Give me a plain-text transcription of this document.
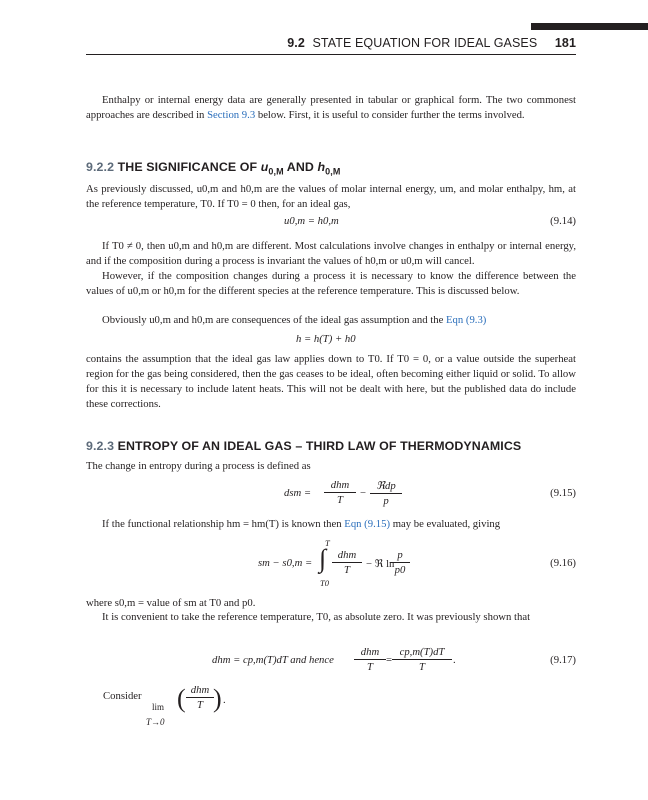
9.2 STATE EQUATION FOR IDEAL GASES 181
Enthalpy or internal energy data are generally presented in tabular or graphical form. The two commonest approaches are described in Section 9.3 below. First, it is useful to consider further the terms involved.
9.2.2 THE SIGNIFICANCE OF $u_{0,M}$ AND $h_{0,M}$
As previously discussed, u0,m and h0,m are the values of molar internal energy, um, and molar enthalpy, hm, at the reference temperature, T0. If T0 = 0 then, for an ideal gas,
u0,m = h0,m	(9.14)
If T0 ≠ 0, then u0,m and h0,m are different. Most calculations involve changes in enthalpy or internal energy, and if the composition during a process is invariant the values of h0,m or u0,m will cancel.
However, if the composition changes during a process it is necessary to know the difference between the values of u0,m or h0,m for the different species at the reference temperature. This is discussed below.
Obviously u0,m and h0,m are consequences of the ideal gas assumption and the Eqn (9.3)
h = h(T) + h0
contains the assumption that the ideal gas law applies down to T0. If T0 = 0, or a value outside the superheat region for the gas being considered, then the gas ceases to be ideal, often becoming either liquid or solid. To allow for this it is necessary to include latent heats. This will not be dealt with here, but the published data do include these corrections.
9.2.3 ENTROPY OF AN IDEAL GAS – THIRD LAW OF THERMODYNAMICS
The change in entropy during a process is defined as
dsm =
dhm
T
−
ℜdp
p
(9.15)
If the functional relationship hm = hm(T) is known then Eqn (9.15) may be evaluated, giving
sm − s0,m =
T
∫
T0
dhm
T	− ℜ ln
$\frac{p}{p0}$	(9.16)
where s0,m = value of sm at T0 and p0.
It is convenient to take the reference temperature, T0, as absolute zero. It was previously shown that
dhm = cp,m(T)dT and hence
dhm
T
= $\frac{cp,m(T)dT}{T}$ .	(9.17)
Consider
lim
T→0
( dhm
T ) .
